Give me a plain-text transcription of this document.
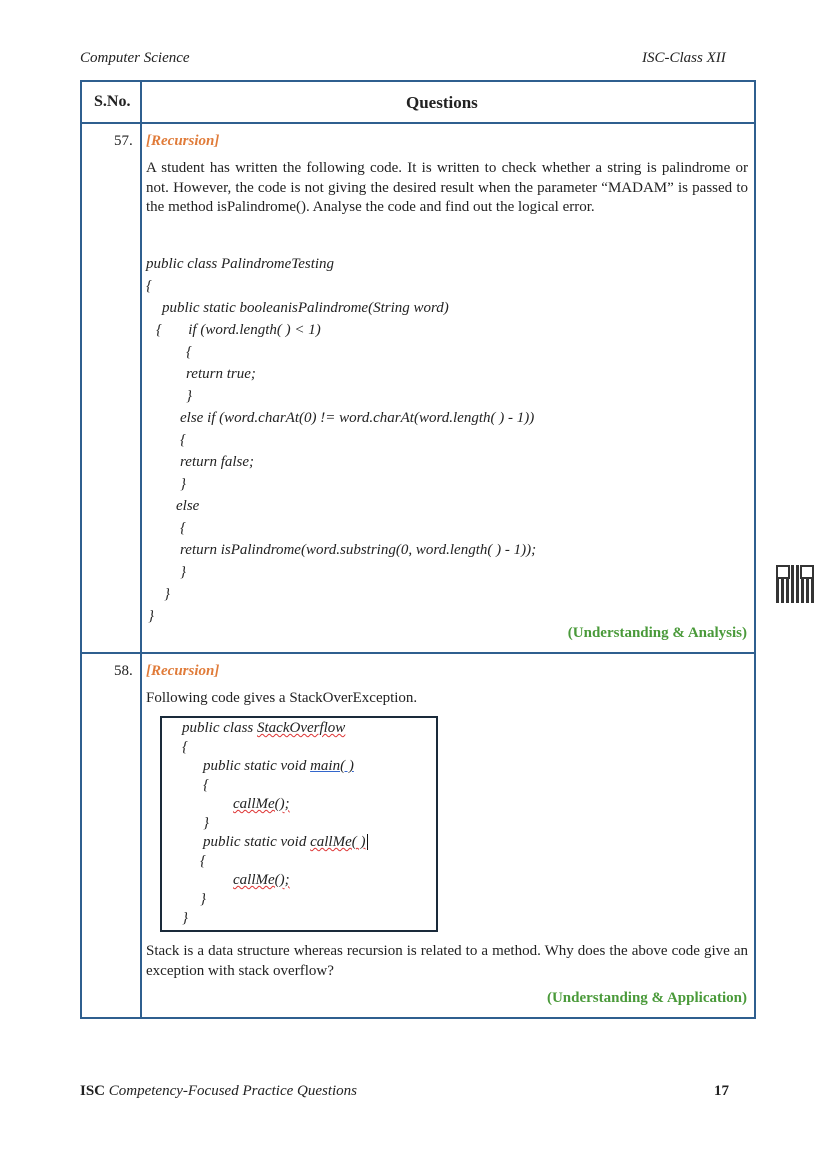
Computer Science	ISC-Class XII
S.No.	Questions
57. [Recursion]
A student has written the following code. It is written to check whether a string is palindrome or not. However, the code is not giving the desired result when the parameter “MADAM” is passed to the method isPalindrome(). Analyse the code and find out the logical error.
public class PalindromeTesting
{
public static booleanisPalindrome(String word)
{       if (word.length( ) < 1)
{
return true;
}
else if (word.charAt(0) != word.charAt(word.length( ) - 1))
{
return false;
}
else
{
return isPalindrome(word.substring(0, word.length( ) - 1));
}
}
}
(Understanding & Analysis)
58. [Recursion]
Following code gives a StackOverException.
public class StackOverflow
{
public static void main( )
{
callMe();
}
public static void callMe( )
{
callMe();
}
}
Stack is a data structure whereas recursion is related to a method. Why does the above code give an exception with stack overflow?
(Understanding & Application)
ISC Competency-Focused Practice Questions	17
